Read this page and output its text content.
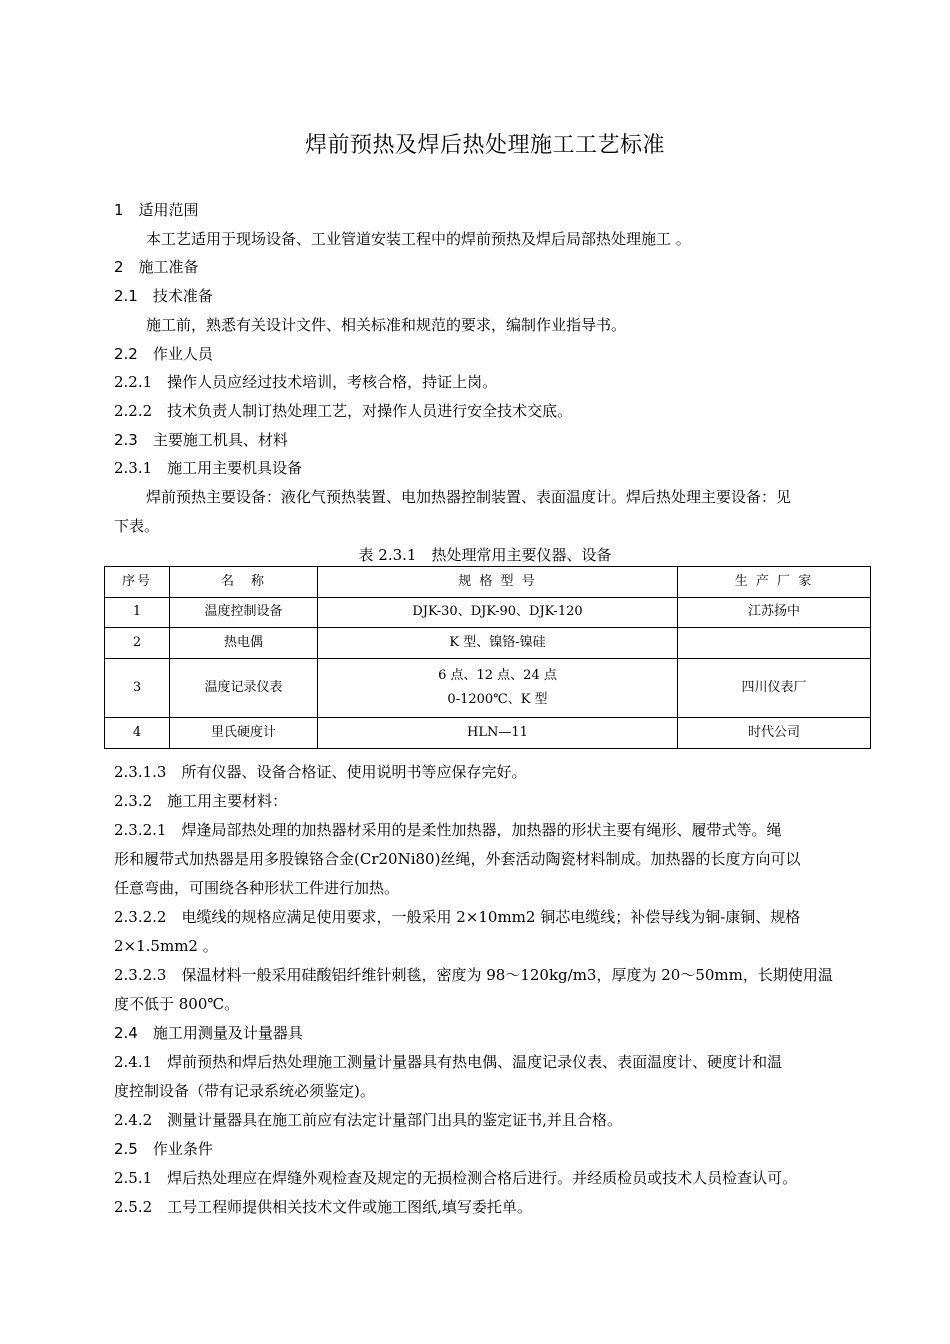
焊前预热及焊后热处理施工工艺标准
1　适用范围
本工艺适用于现场设备、工业管道安装工程中的焊前预热及焊后局部热处理施工 。
2　施工准备
2.1　技术准备
施工前，熟悉有关设计文件、相关标准和规范的要求，编制作业指导书。
2.2　作业人员
2.2.1　操作人员应经过技术培训，考核合格，持证上岗。
2.2.2　技术负责人制订热处理工艺，对操作人员进行安全技术交底。
2.3　主要施工机具、材料
2.3.1　施工用主要机具设备
焊前预热主要设备：液化气预热装置、电加热器控制装置、表面温度计。焊后热处理主要设备：见
下表。
表 2.3.1　 热处理常用主要仪器、设备
序号	名　称	规 格 型 号	生 产 厂 家
1	温度控制设备	DJK-30、DJK-90、DJK-120	江苏扬中
2	热电偶	K 型、镍铬-镍硅	
3	温度记录仪表	6 点、12 点、24 点
0-1200℃、K 型	四川仪表厂
4	里氏硬度计	HLN—11	时代公司
2.3.1.3　所有仪器、设备合格证、使用说明书等应保存完好。
2.3.2　施工用主要材料：
2.3.2.1　焊逢局部热处理的加热器材采用的是柔性加热器，加热器的形状主要有绳形、履带式等。绳
形和履带式加热器是用多股镍铬合金(Cr20Ni80)丝绳，外套活动陶瓷材料制成。加热器的长度方向可以
任意弯曲，可围绕各种形状工件进行加热。
2.3.2.2　电缆线的规格应满足使用要求，一般采用 2×10mm2 铜芯电缆线；补偿导线为铜-康铜、规格
2×1.5mm2 。
2.3.2.3　保温材料一般采用硅酸铝纤维针刺毯，密度为 98～120kg/m3，厚度为 20～50mm，长期使用温
度不低于 800℃。
2.4　施工用测量及计量器具
2.4.1　焊前预热和焊后热处理施工测量计量器具有热电偶、温度记录仪表、表面温度计、硬度计和温
度控制设备（带有记录系统必须鉴定)。
2.4.2　测量计量器具在施工前应有法定计量部门出具的鉴定证书,并且合格。
2.5　作业条件
2.5.1　焊后热处理应在焊缝外观检查及规定的无损检测合格后进行。并经质检员或技术人员检查认可。
2.5.2　工号工程师提供相关技术文件或施工图纸,填写委托单。
